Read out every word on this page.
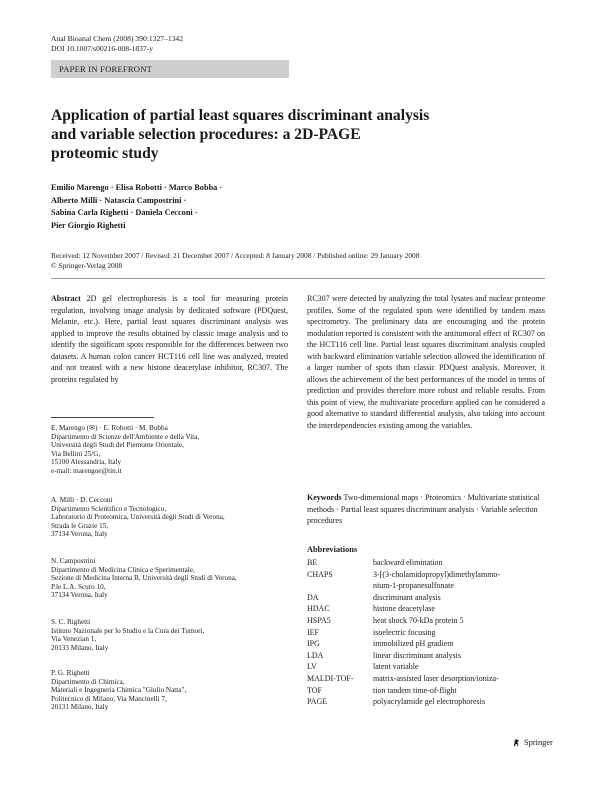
Anal Bioanal Chem (2008) 390:1327–1342
DOI 10.1007/s00216-008-1837-y
PAPER IN FOREFRONT
Application of partial least squares discriminant analysis
and variable selection procedures: a 2D-PAGE
proteomic study
Emilio Marengo · Elisa Robotti · Marco Bobba ·
Alberto Milli · Natascia Campostrini ·
Sabina Carla Righetti · Daniela Cecconi ·
Pier Giorgio Righetti
Received: 12 November 2007 / Revised: 21 December 2007 / Accepted: 8 January 2008 / Published online: 29 January 2008
© Springer-Verlag 2008
Abstract 2D gel electrophoresis is a tool for measuring protein regulation, involving image analysis by dedicated software (PDQuest, Melanie, etc.). Here, partial least squares discriminant analysis was applied to improve the results obtained by classic image analysis and to identify the significant spots responsible for the differences between two datasets. A human colon cancer HCT116 cell line was analyzed, treated and not treated with a new histone deacetylase inhibitor, RC307. The proteins regulated by
E. Marengo (✉) · E. Robotti · M. Bobba
Dipartimento di Scienze dell'Ambiente e della Vita,
Università degli Studi del Piemonte Orientale,
Via Bellini 25/G,
15100 Alessandria, Italy
e-mail: marengoe@tin.it
A. Milli · D. Cecconi
Dipartimento Scientifico e Tecnologico,
Laboratorio di Proteomica, Università degli Studi di Verona,
Strada le Grazie 15,
37134 Verona, Italy
N. Campostrini
Dipartimento di Medicina Clinica e Sperimentale,
Sezione di Medicina Interna B, Università degli Studi di Verona,
P.le L.A. Scuro 10,
37134 Verona, Italy
S. C. Righetti
Istituto Nazionale per lo Studio e la Cura dei Tumori,
Via Venezian 1,
20133 Milano, Italy
P. G. Righetti
Dipartimento di Chimica,
Materiali e Ingegneria Chimica "Giulio Natta",
Politecnico di Milano, Via Mancinelli 7,
20131 Milano, Italy
RC307 were detected by analyzing the total lysates and nuclear proteome profiles. Some of the regulated spots were identified by tandem mass spectrometry. The preliminary data are encouraging and the protein modulation reported is consistent with the antitumoral effect of RC307 on the HCT116 cell line. Partial least squares discriminant analysis coupled with backward elimination variable selection allowed the identification of a larger number of spots than classic PDQuest analysis. Moreover, it allows the achievement of the best performances of the model in terms of prediction and provides therefore more robust and reliable results. From this point of view, the multivariate procedure applied can be considered a good alternative to standard differential analysis, also taking into account the interdependencies existing among the variables.
Keywords Two-dimensional maps · Proteomics · Multivariate statistical methods · Partial least squares discriminant analysis · Variable selection procedures
Abbreviations
BE	backward elimination
CHAPS	3-[(3-cholamidopropyl)dimethylammo-
nium-1-propanesulfonate
DA	discriminant analysis
HDAC	histone deacetylase
HSPA5	heat shock 70-kDa protein 5
IEF	isoelectric focusing
IPG	immobilized pH gradient
LDA	linear discriminant analysis
LV	latent variable
MALDI-TOF-	matrix-assisted laser desorption/ioniza-
TOF	tion tandem time-of-flight
PAGE	polyacrylamide gel electrophoresis
Springer
